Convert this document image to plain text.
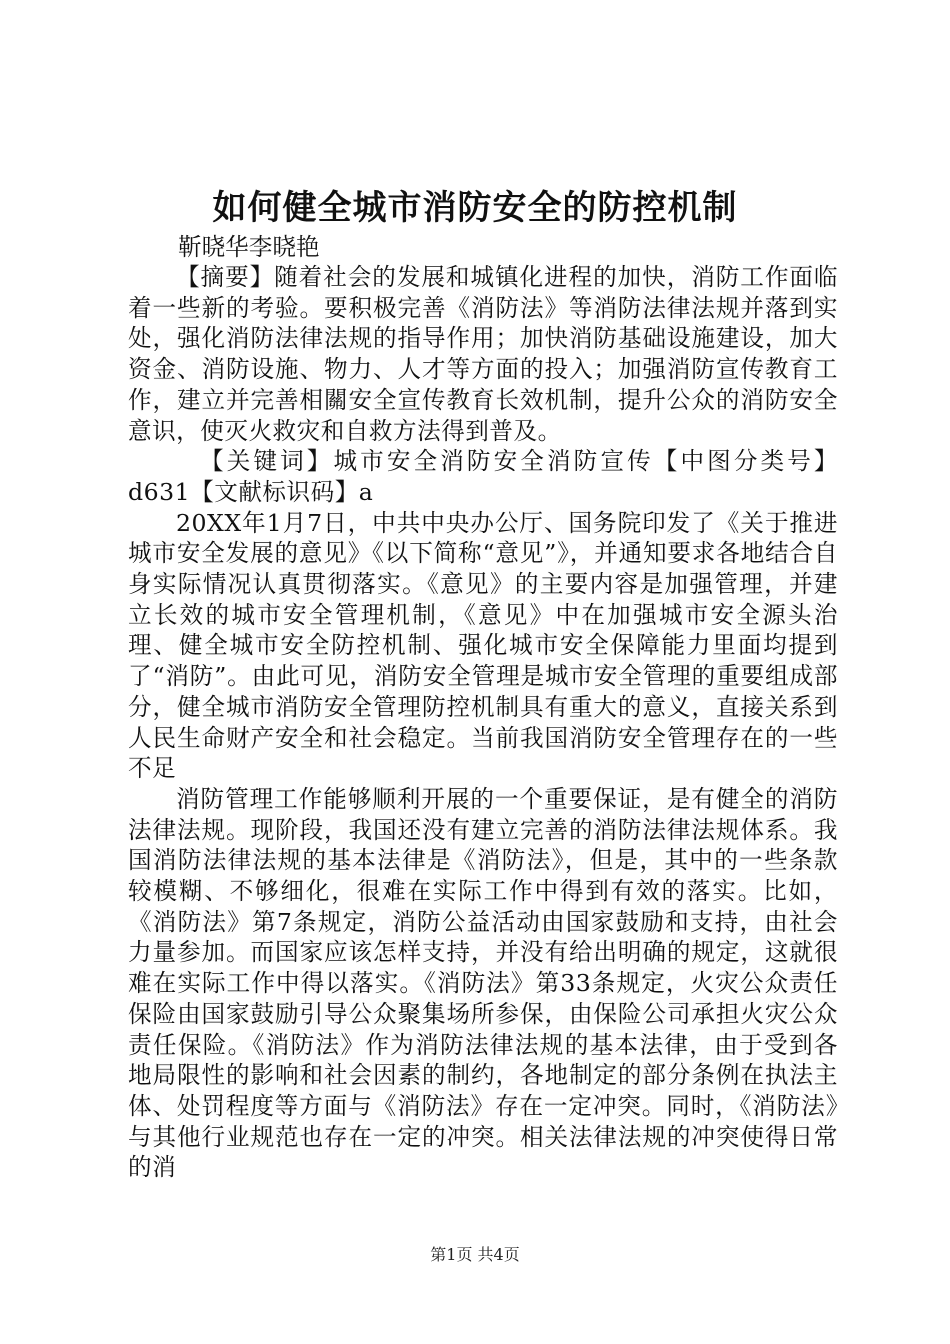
如何健全城市消防安全的防控机制
靳晓华李晓艳

【摘要】随着社会的发展和城镇化进程的加快，消防工作面临着一些新的考验。要积极完善《消防法》等消防法律法规并落到实处，强化消防法律法规的指导作用；加快消防基础设施建设，加大资金、消防设施、物力、人才等方面的投入；加强消防宣传教育工作，建立并完善相關安全宣传教育长效机制，提升公众的消防安全意识，使灭火救灾和自救方法得到普及。

【关键词】城市安全消防安全消防宣传【中图分类号】d631【文献标识码】a

20XX年1月7日，中共中央办公厅、国务院印发了《关于推进城市安全发展的意见》《以下简称“意见”》，并通知要求各地结合自身实际情况认真贯彻落实。《意见》的主要内容是加强管理，并建立长效的城市安全管理机制，《意见》中在加强城市安全源头治理、健全城市安全防控机制、强化城市安全保障能力里面均提到了“消防”。由此可见，消防安全管理是城市安全管理的重要组成部分，健全城市消防安全管理防控机制具有重大的意义，直接关系到人民生命财产安全和社会稳定。当前我国消防安全管理存在的一些不足

消防管理工作能够顺利开展的一个重要保证，是有健全的消防法律法规。现阶段，我国还没有建立完善的消防法律法规体系。我国消防法律法规的基本法律是《消防法》，但是，其中的一些条款较模糊、不够细化，很难在实际工作中得到有效的落实。比如，《消防法》第7条规定，消防公益活动由国家鼓励和支持，由社会力量参加。而国家应该怎样支持，并没有给出明确的规定，这就很难在实际工作中得以落实。《消防法》第33条规定，火灾公众责任保险由国家鼓励引导公众聚集场所参保，由保险公司承担火灾公众责任保险。《消防法》作为消防法律法规的基本法律，由于受到各地局限性的影响和社会因素的制约，各地制定的部分条例在执法主体、处罚程度等方面与《消防法》存在一定冲突。同时，《消防法》与其他行业规范也存在一定的冲突。相关法律法规的冲突使得日常的消

第1页 共4页
